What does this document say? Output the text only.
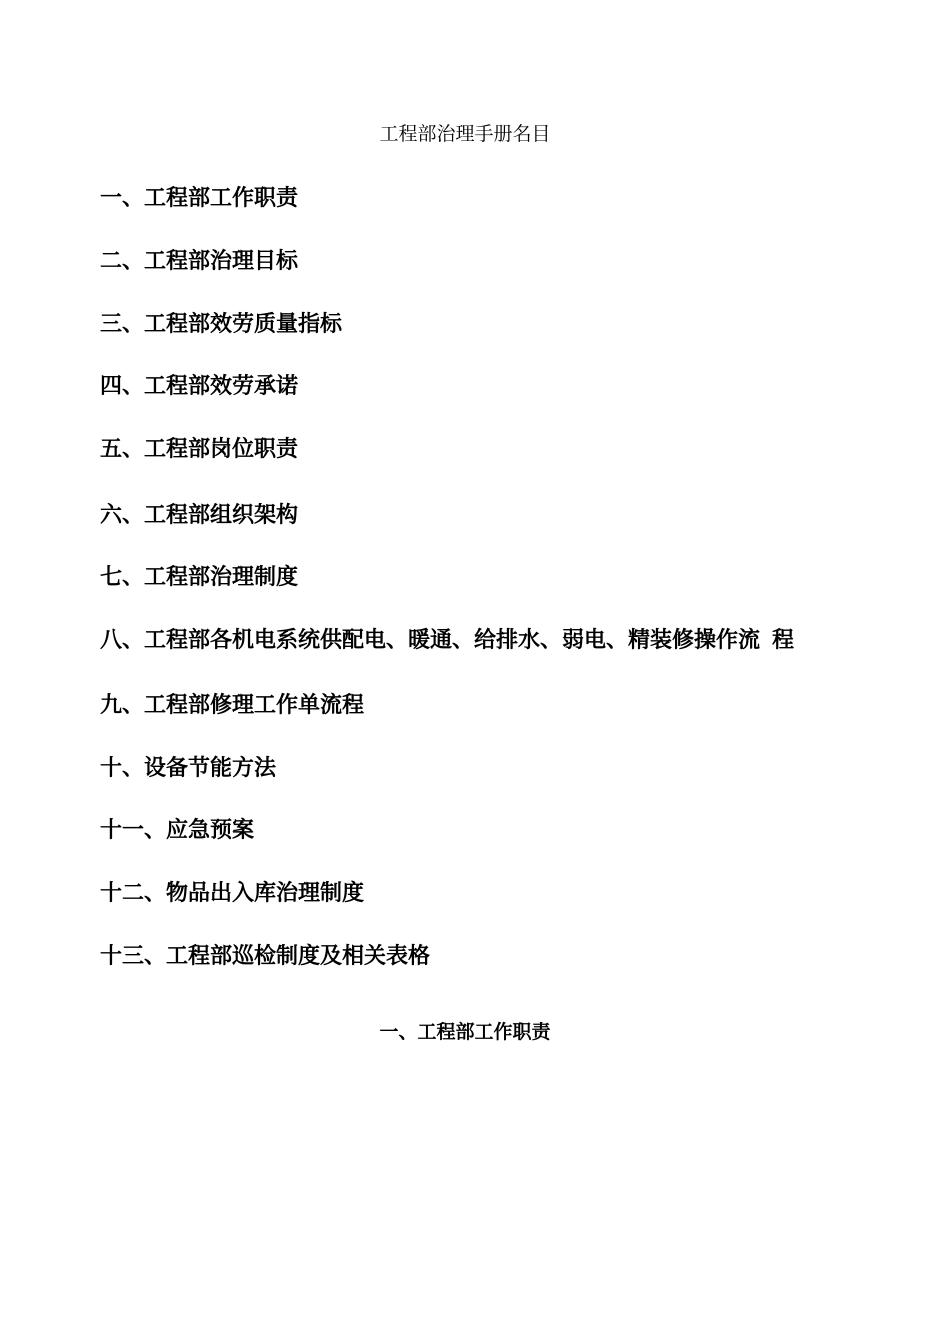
工程部治理手册名目
一、工程部工作职责
二、工程部治理目标
三、工程部效劳质量指标
四、工程部效劳承诺
五、工程部岗位职责
六、工程部组织架构
七、工程部治理制度
八、工程部各机电系统供配电、暖通、给排水、弱电、精装修操作流 程
九、工程部修理工作单流程
十、设备节能方法
十一、应急预案
十二、物品出入库治理制度
十三、工程部巡检制度及相关表格
一、工程部工作职责
